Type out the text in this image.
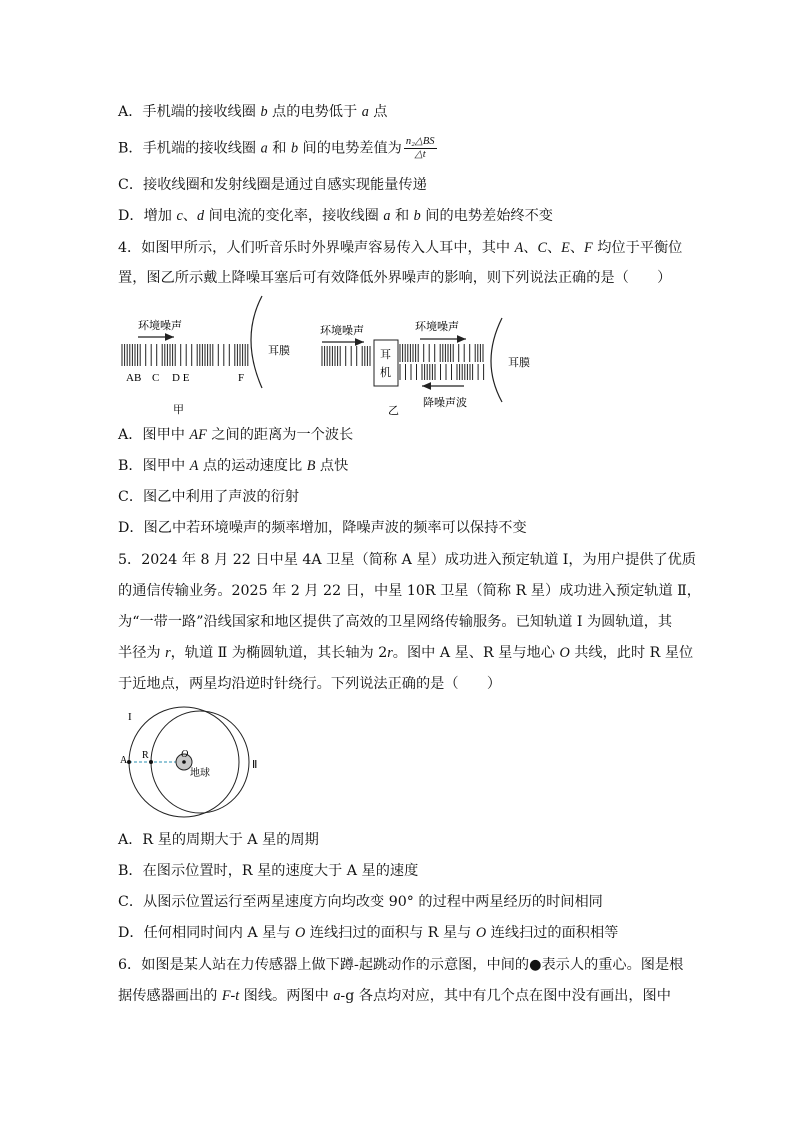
A．手机端的接收线圈 b 点的电势低于 a 点
B．手机端的接收线圈 a 和 b 间的电势差值为 $\frac{\text{n₂△BS}}{\triangle t}$
C．接收线圈和发射线圈是通过自感实现能量传递
D．增加 c、d 间电流的变化率，接收线圈 a 和 b 间的电势差始终不变
4．如图甲所示，人们听音乐时外界噪声容易传入人耳中，其中 A、C、E、F 均位于平衡位
置，图乙所示戴上降噪耳塞后可有效降低外界噪声的影响，则下列说法正确的是（　　）
环境噪声
耳膜
AB C D E	F
甲
环境噪声
耳
机
环境噪声
降噪声波
耳膜
乙
A．图甲中 AF 之间的距离为一个波长
B．图甲中 A 点的运动速度比 B 点快
C．图乙中利用了声波的衍射
D．图乙中若环境噪声的频率增加，降噪声波的频率可以保持不变
5．2024 年 8 月 22 日中星 4A 卫星（简称 A 星）成功进入预定轨道 I，为用户提供了优质
的通信传输业务。2025 年 2 月 22 日，中星 10R 卫星（简称 R 星）成功进入预定轨道 Ⅱ，
为“一带一路”沿线国家和地区提供了高效的卫星网络传输服务。已知轨道 I 为圆轨道，其
半径为 r，轨道 Ⅱ 为椭圆轨道，其长轴为 2r。图中 A 星、R 星与地心 O 共线，此时 R 星位
于近地点，两星均沿逆时针绕行。下列说法正确的是（　　）
I
Ⅱ
A R	O
地球
A．R 星的周期大于 A 星的周期
B．在图示位置时，R 星的速度大于 A 星的速度
C．从图示位置运行至两星速度方向均改变 90° 的过程中两星经历的时间相同
D．任何相同时间内 A 星与 O 连线扫过的面积与 R 星与 O 连线扫过的面积相等
6．如图是某人站在力传感器上做下蹲-起跳动作的示意图，中间的●表示人的重心。图是根
据传感器画出的 F-t 图线。两图中 a-g 各点均对应，其中有几个点在图中没有画出，图中
